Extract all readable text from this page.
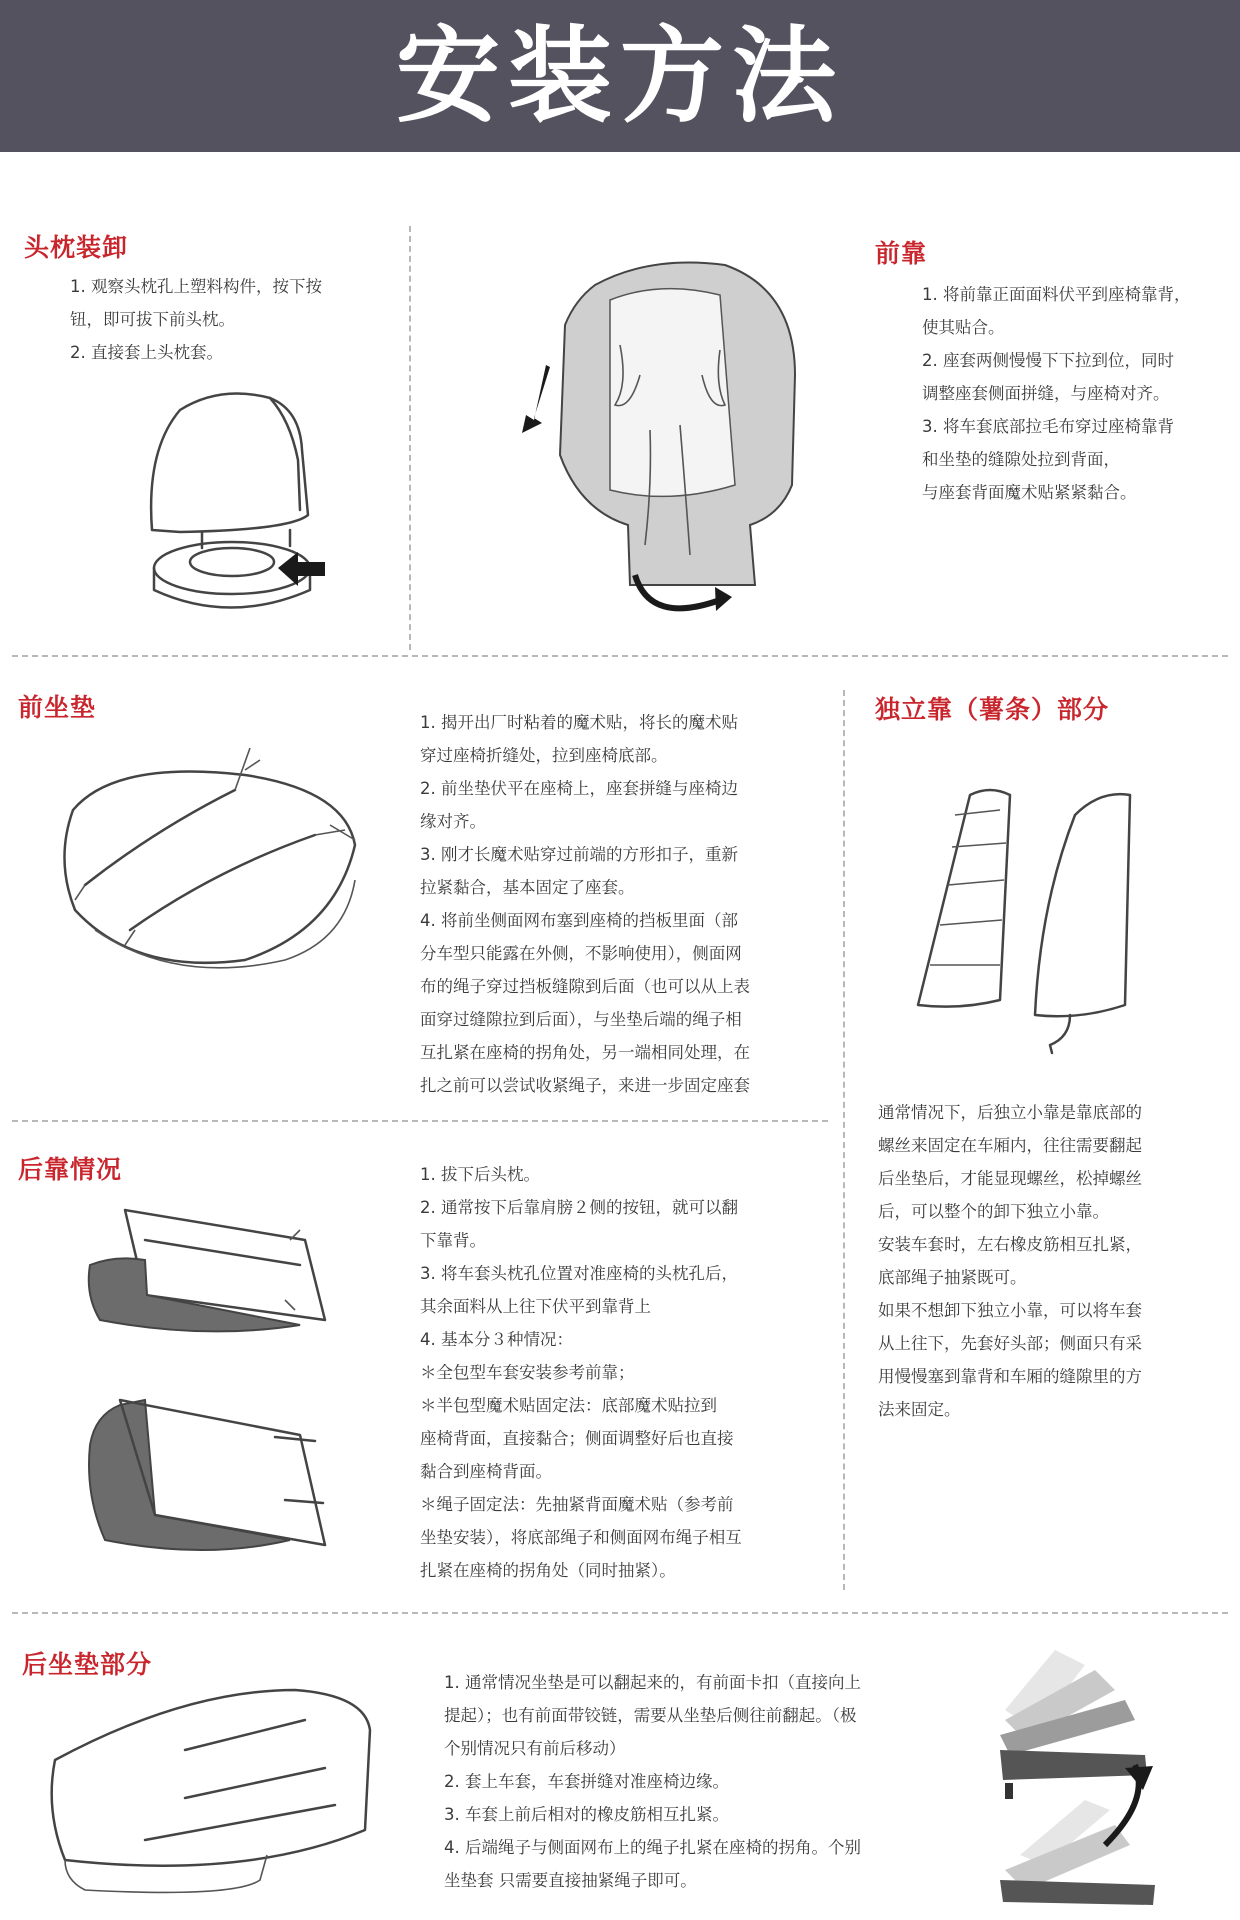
安装方法
头枕装卸
1. 观察头枕孔上塑料构件，按下按
钮，即可拔下前头枕。
2. 直接套上头枕套。
前靠
1. 将前靠正面面料伏平到座椅靠背，
使其贴合。
2. 座套两侧慢慢下下拉到位，同时
调整座套侧面拼缝，与座椅对齐。
3. 将车套底部拉毛布穿过座椅靠背
和坐垫的缝隙处拉到背面，
与座套背面魔术贴紧紧黏合。
前坐垫
1. 揭开出厂时粘着的魔术贴，将长的魔术贴
穿过座椅折缝处，拉到座椅底部。
2. 前坐垫伏平在座椅上，座套拼缝与座椅边
缘对齐。
3. 刚才长魔术贴穿过前端的方形扣子，重新
拉紧黏合，基本固定了座套。
4. 将前坐侧面网布塞到座椅的挡板里面（部
分车型只能露在外侧，不影响使用），侧面网
布的绳子穿过挡板缝隙到后面（也可以从上表
面穿过缝隙拉到后面），与坐垫后端的绳子相
互扎紧在座椅的拐角处，另一端相同处理，在
扎之前可以尝试收紧绳子，来进一步固定座套
独立靠（薯条）部分
通常情况下，后独立小靠是靠底部的
螺丝来固定在车厢内，往往需要翻起
后坐垫后，才能显现螺丝，松掉螺丝
后，可以整个的卸下独立小靠。
安装车套时，左右橡皮筋相互扎紧，
底部绳子抽紧既可。
如果不想卸下独立小靠，可以将车套
从上往下，先套好头部；侧面只有采
用慢慢塞到靠背和车厢的缝隙里的方
法来固定。
后靠情况	1. 拔下后头枕。
2. 通常按下后靠肩膀２侧的按钮，就可以翻
下靠背。
3. 将车套头枕孔位置对准座椅的头枕孔后，
其余面料从上往下伏平到靠背上
4. 基本分３种情况：
＊全包型车套安装参考前靠；
＊半包型魔术贴固定法：底部魔术贴拉到
座椅背面，直接黏合；侧面调整好后也直接
黏合到座椅背面。
＊绳子固定法：先抽紧背面魔术贴（参考前
坐垫安装），将底部绳子和侧面网布绳子相互
扎紧在座椅的拐角处（同时抽紧）。
后坐垫部分
1. 通常情况坐垫是可以翻起来的，有前面卡扣（直接向上
提起）；也有前面带铰链，需要从坐垫后侧往前翻起。（极
个别情况只有前后移动）
2. 套上车套，车套拼缝对准座椅边缘。
3. 车套上前后相对的橡皮筋相互扎紧。
4. 后端绳子与侧面网布上的绳子扎紧在座椅的拐角。个别
坐垫套 只需要直接抽紧绳子即可。
